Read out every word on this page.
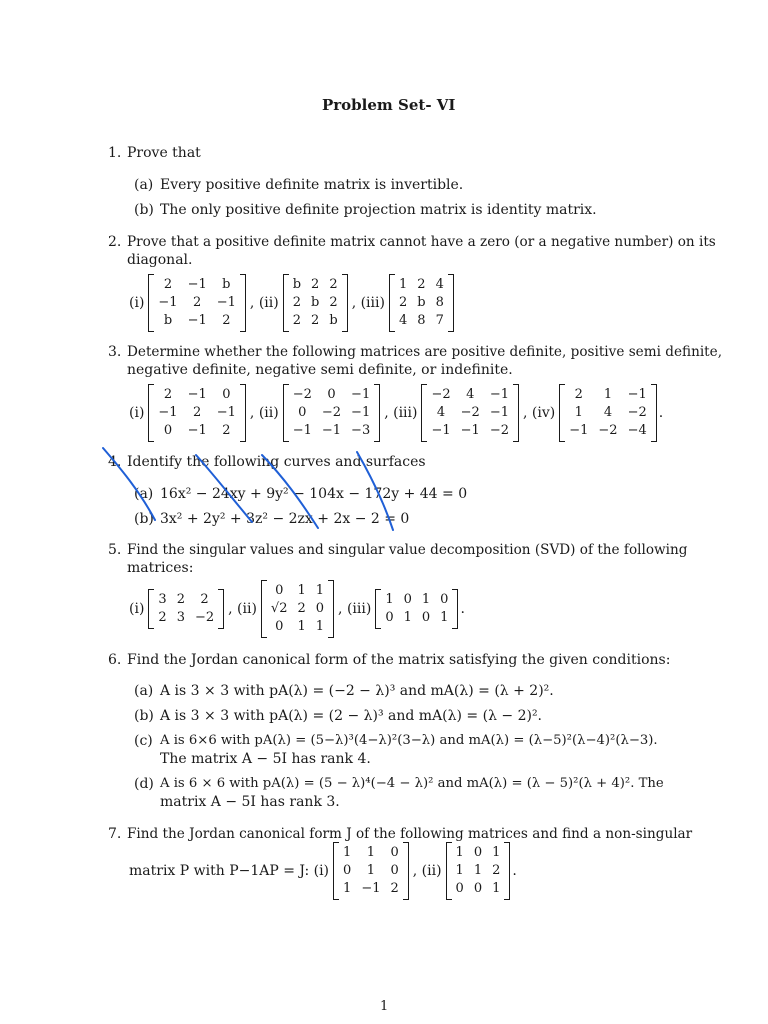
Problem Set- VI
1. Prove that
(a) Every positive definite matrix is invertible.
(b) The only positive definite projection matrix is identity matrix.
2. Prove that a positive definite matrix cannot have a zero (or a negative number) on its
diagonal.
(i)
2	−1	b
−1	2	−1
b	−1	2
, (ii)
b 2 2
2 b 2
2 2 b
, (iii)
1 2 4
2 b 8
4 8 7
3. Determine whether the following matrices are positive definite, positive semi definite,
negative definite, negative semi definite, or indefinite.
(i)
2	−1	0
−1	2	−1
0	−1	2
, (ii)
−2	0	−1
0	−2 −1
−1 −1 −3
, (iii)
−2	4	−1
4	−2 −1
−1 −1 −2
, (iv)
2	1	−1
1	4	−2
−1 −2 −4
.
4. Identify the following curves and surfaces
(a) 16x² − 24xy + 9y² − 104x − 172y + 44 = 0
(b) 3x² + 2y² + 3z² − 2zx + 2x − 2 = 0
5. Find the singular values and singular value decomposition (SVD) of the following
matrices:
(i)
3 2	2
2 3 −2
, (ii)
0	1 1
√2 2 0
0	1 1
, (iii)
1 0 1 0
0 1 0 1
.
6. Find the Jordan canonical form of the matrix satisfying the given conditions:
(a) A is 3 × 3 with pA(λ) = (−2 − λ)³ and mA(λ) = (λ + 2)².
(b) A is 3 × 3 with pA(λ) = (2 − λ)³ and mA(λ) = (λ − 2)².
(c) A is 6×6 with pA(λ) = (5−λ)³(4−λ)²(3−λ) and mA(λ) = (λ−5)²(λ−4)²(λ−3).
The matrix A − 5I has rank 4.
(d) A is 6 × 6 with pA(λ) = (5 − λ)⁴(−4 − λ)² and mA(λ) = (λ − 5)²(λ + 4)². The
matrix A − 5I has rank 3.
7. Find the Jordan canonical form J of the following matrices and find a non-singular
matrix P with P−1AP = J: (i)
1	1	0
0	1	0
1 −1 2
, (ii)
1 0 1
1 1 2
0 0 1
.
1
